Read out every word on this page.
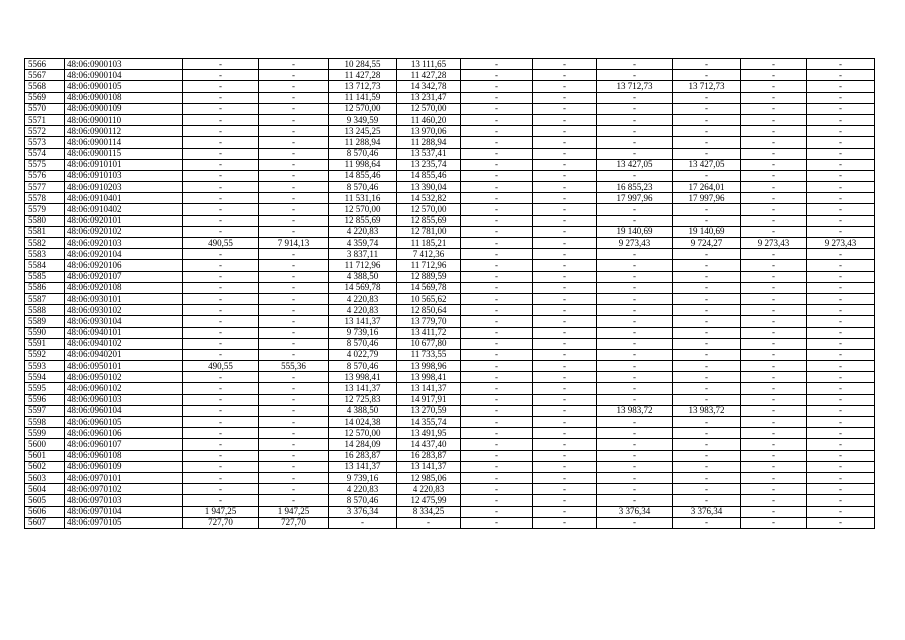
5566	48:06:0900103	-	-	10 284,55	13 111,65	-	-	-	-	-	-
5567	48:06:0900104	-	-	11 427,28	11 427,28	-	-	-	-	-	-
5568	48:06:0900105	-	-	13 712,73	14 342,78	-	-	13 712,73	13 712,73	-	-
5569	48:06:0900108	-	-	11 141,59	13 231,47	-	-	-	-	-	-
5570	48:06:0900109	-	-	12 570,00	12 570,00	-	-	-	-	-	-
5571	48:06:0900110	-	-	9 349,59	11 460,20	-	-	-	-	-	-
5572	48:06:0900112	-	-	13 245,25	13 970,06	-	-	-	-	-	-
5573	48:06:0900114	-	-	11 288,94	11 288,94	-	-	-	-	-	-
5574	48:06:0900115	-	-	8 570,46	13 537,41	-	-	-	-	-	-
5575	48:06:0910101	-	-	11 998,64	13 235,74	-	-	13 427,05	13 427,05	-	-
5576	48:06:0910103	-	-	14 855,46	14 855,46	-	-	-	-	-	-
5577	48:06:0910203	-	-	8 570,46	13 390,04	-	-	16 855,23	17 264,01	-	-
5578	48:06:0910401	-	-	11 531,16	14 532,82	-	-	17 997,96	17 997,96	-	-
5579	48:06:0910402	-	-	12 570,00	12 570,00	-	-	-	-	-	-
5580	48:06:0920101	-	-	12 855,69	12 855,69	-	-	-	-	-	-
5581	48:06:0920102	-	-	4 220,83	12 781,00	-	-	19 140,69	19 140,69	-	-
5582	48:06:0920103	490,55	7 914,13	4 359,74	11 185,21	-	-	9 273,43	9 724,27	9 273,43	9 273,43
5583	48:06:0920104	-	-	3 837,11	7 412,36	-	-	-	-	-	-
5584	48:06:0920106	-	-	11 712,96	11 712,96	-	-	-	-	-	-
5585	48:06:0920107	-	-	4 388,50	12 889,59	-	-	-	-	-	-
5586	48:06:0920108	-	-	14 569,78	14 569,78	-	-	-	-	-	-
5587	48:06:0930101	-	-	4 220,83	10 565,62	-	-	-	-	-	-
5588	48:06:0930102	-	-	4 220,83	12 850,64	-	-	-	-	-	-
5589	48:06:0930104	-	-	13 141,37	13 779,70	-	-	-	-	-	-
5590	48:06:0940101	-	-	9 739,16	13 411,72	-	-	-	-	-	-
5591	48:06:0940102	-	-	8 570,46	10 677,80	-	-	-	-	-	-
5592	48:06:0940201	-	-	4 022,79	11 733,55	-	-	-	-	-	-
5593	48:06:0950101	490,55	555,36	8 570,46	13 998,96	-	-	-	-	-	-
5594	48:06:0950102	-	-	13 998,41	13 998,41	-	-	-	-	-	-
5595	48:06:0960102	-	-	13 141,37	13 141,37	-	-	-	-	-	-
5596	48:06:0960103	-	-	12 725,83	14 917,91	-	-	-	-	-	-
5597	48:06:0960104	-	-	4 388,50	13 270,59	-	-	13 983,72	13 983,72	-	-
5598	48:06:0960105	-	-	14 024,38	14 355,74	-	-	-	-	-	-
5599	48:06:0960106	-	-	12 570,00	13 491,95	-	-	-	-	-	-
5600	48:06:0960107	-	-	14 284,09	14 437,40	-	-	-	-	-	-
5601	48:06:0960108	-	-	16 283,87	16 283,87	-	-	-	-	-	-
5602	48:06:0960109	-	-	13 141,37	13 141,37	-	-	-	-	-	-
5603	48:06:0970101	-	-	9 739,16	12 985,06	-	-	-	-	-	-
5604	48:06:0970102	-	-	4 220,83	4 220,83	-	-	-	-	-	-
5605	48:06:0970103	-	-	8 570,46	12 475,99	-	-	-	-	-	-
5606	48:06:0970104	1 947,25	1 947,25	3 376,34	8 334,25	-	-	3 376,34	3 376,34	-	-
5607	48:06:0970105	727,70	727,70	-	-	-	-	-	-	-	-
